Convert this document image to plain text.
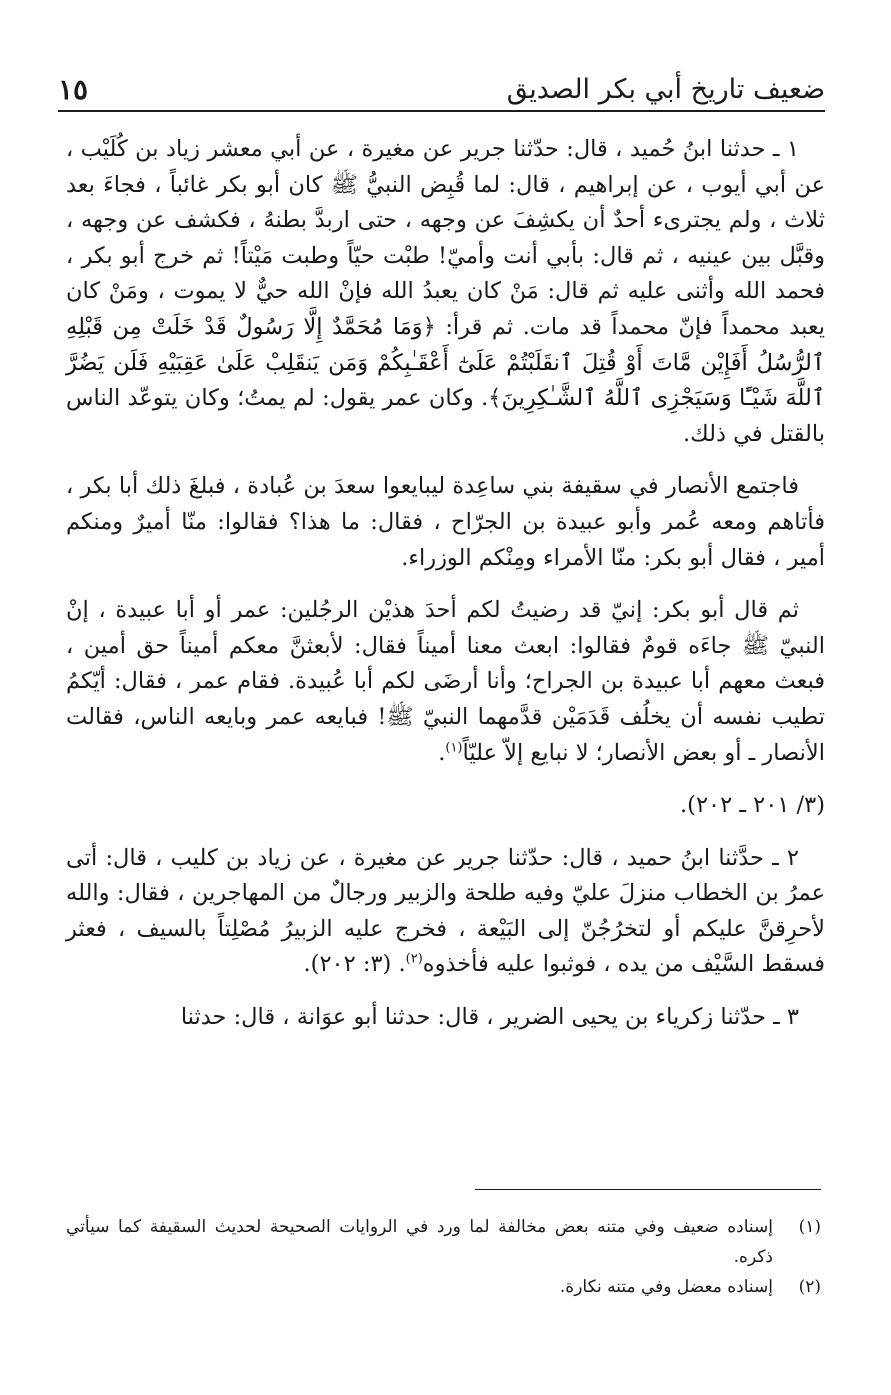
ضعيف تاريخ أبي بكر الصديق
١٥

١ ـ حدثنا ابنُ حُميد ، قال: حدّثنا جرير عن مغيرة ، عن أبي معشر زياد بن كُلَيْب ، عن أبي أيوب ، عن إبراهيم ، قال: لما قُبِض النبيُّ ﷺ كان أبو بكر غائباً ، فجاءَ بعد ثلاث ، ولم يجترىء أحدٌ أن يكشِفَ عن وجهه ، حتى اربدَّ بطنهُ ، فكشف عن وجهه ، وقبَّل بين عينيه ، ثم قال: بأبي أنت وأميّ! طبْت حيّاً وطبت مَيْتاً! ثم خرج أبو بكر ، فحمد الله وأثنى عليه ثم قال: مَنْ كان يعبدُ الله فإنْ الله حيٌّ لا يموت ، ومَنْ كان يعبد محمداً فإنّ محمداً قد مات. ثم قرأ: ﴿وَمَا مُحَمَّدٌ إِلَّا رَسُولٌ قَدْ خَلَتْ مِن قَبْلِهِ ٱلرُّسُلُ أَفَإِيْن مَّاتَ أَوْ قُتِلَ ٱنقَلَبْتُمْ عَلَىٰٓ أَعْقَـٰبِكُمْ وَمَن يَنقَلِبْ عَلَىٰ عَقِبَيْهِ فَلَن يَضُرَّ ٱللَّهَ شَيْـًٔا وَسَيَجْزِى ٱللَّهُ ٱلشَّـٰكِرِينَ﴾. وكان عمر يقول: لم يمتُ؛ وكان يتوعّد الناس بالقتل في ذلك.

فاجتمع الأنصار في سقيفة بني ساعِدة ليبايعوا سعدَ بن عُبادة ، فبلغَ ذلك أبا بكر ، فأتاهم ومعه عُمر وأبو عبيدة بن الجرّاح ، فقال: ما هذا؟ فقالوا: منّا أميرٌ ومنكم أمير ، فقال أبو بكر: منّا الأمراء ومِنْكم الوزراء.

ثم قال أبو بكر: إنيّ قد رضيتُ لكم أحدَ هذيْن الرجُلين: عمر أو أبا عبيدة ، إنْ النبيّ ﷺ جاءَه قومٌ فقالوا: ابعث معنا أميناً فقال: لأبعثنَّ معكم أميناً حق أمين ، فبعث معهم أبا عبيدة بن الجراح؛ وأنا أرضَى لكم أبا عُبيدة. فقام عمر ، فقال: أيّكمُ تطيب نفسه أن يخلُف قَدَمَيْن قدَّمهما النبيّ ﷺ! فبايعه عمر وبايعه الناس، فقالت الأنصار ـ أو بعض الأنصار؛ لا نبايع إلاّ عليّاً$^{(١)}$.

(٣/ ٢٠١ ـ ٢٠٢).

٢ ـ حدَّثنا ابنُ حميد ، قال: حدّثنا جرير عن مغيرة ، عن زياد بن كليب ، قال: أتى عمرُ بن الخطاب منزلَ عليّ وفيه طلحة والزبير ورجالٌ من المهاجرين ، فقال: والله لأحرِقنَّ عليكم أو لتخرُجُنّ إلى البَيْعة ، فخرج عليه الزبيرُ مُصْلِتاً بالسيف ، فعثر فسقط السَّيْف من يده ، فوثبوا عليه فأخذوه$^{(٢)}$. (٣: ٢٠٢).

٣ ـ حدّثنا زكرياء بن يحيى الضرير ، قال: حدثنا أبو عوَانة ، قال: حدثنا

(١)
إسناده ضعيف وفي متنه بعض مخالفة لما ورد في الروايات الصحيحة لحديث السقيفة كما سيأتي ذكره.
(٢)
إسناده معضل وفي متنه نكارة.
